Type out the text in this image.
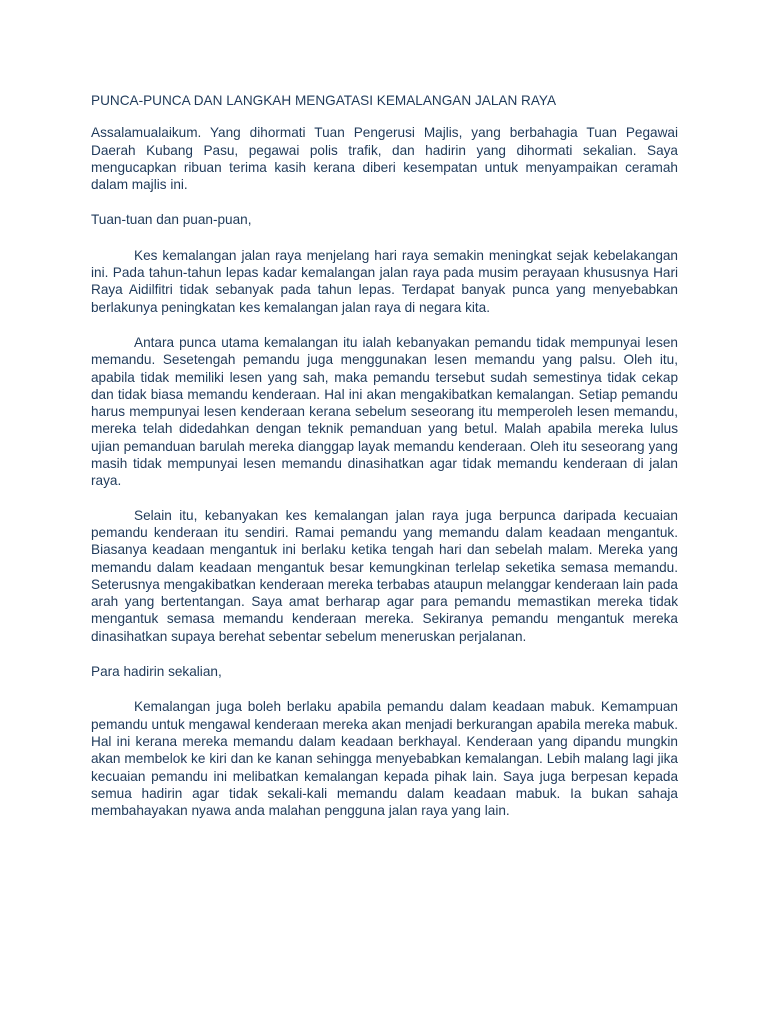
PUNCA-PUNCA DAN LANGKAH MENGATASI KEMALANGAN JALAN RAYA

Assalamualaikum. Yang dihormati Tuan Pengerusi Majlis, yang berbahagia Tuan Pegawai Daerah Kubang Pasu, pegawai polis trafik, dan hadirin yang dihormati sekalian. Saya mengucapkan ribuan terima kasih kerana diberi kesempatan untuk menyampaikan ceramah dalam majlis ini.

Tuan-tuan dan puan-puan,

Kes kemalangan jalan raya menjelang hari raya semakin meningkat sejak kebelakangan ini. Pada tahun-tahun lepas kadar kemalangan jalan raya pada musim perayaan khususnya Hari Raya Aidilfitri tidak sebanyak pada tahun lepas. Terdapat banyak punca yang menyebabkan berlakunya peningkatan kes kemalangan jalan raya di negara kita.

Antara punca utama kemalangan itu ialah kebanyakan pemandu tidak mempunyai lesen memandu. Sesetengah pemandu juga menggunakan lesen memandu yang palsu. Oleh itu, apabila tidak memiliki lesen yang sah, maka pemandu tersebut sudah semestinya tidak cekap dan tidak biasa memandu kenderaan. Hal ini akan mengakibatkan kemalangan. Setiap pemandu harus mempunyai lesen kenderaan kerana sebelum seseorang itu memperoleh lesen memandu, mereka telah didedahkan dengan teknik pemanduan yang betul. Malah apabila mereka lulus ujian pemanduan barulah mereka dianggap layak memandu kenderaan. Oleh itu seseorang yang masih tidak mempunyai lesen memandu dinasihatkan agar tidak memandu kenderaan di jalan raya.

Selain itu, kebanyakan kes kemalangan jalan raya juga berpunca daripada kecuaian pemandu kenderaan itu sendiri. Ramai pemandu yang memandu dalam keadaan mengantuk. Biasanya keadaan mengantuk ini berlaku ketika tengah hari dan sebelah malam. Mereka yang memandu dalam keadaan mengantuk besar kemungkinan terlelap seketika semasa memandu. Seterusnya mengakibatkan kenderaan mereka terbabas ataupun melanggar kenderaan lain pada arah yang bertentangan. Saya amat berharap agar para pemandu memastikan mereka tidak mengantuk semasa memandu kenderaan mereka. Sekiranya pemandu mengantuk mereka dinasihatkan supaya berehat sebentar sebelum meneruskan perjalanan.

Para hadirin sekalian,

Kemalangan juga boleh berlaku apabila pemandu dalam keadaan mabuk. Kemampuan pemandu untuk mengawal kenderaan mereka akan menjadi berkurangan apabila mereka mabuk. Hal ini kerana mereka memandu dalam keadaan berkhayal. Kenderaan yang dipandu mungkin akan membelok ke kiri dan ke kanan sehingga menyebabkan kemalangan. Lebih malang lagi jika kecuaian pemandu ini melibatkan kemalangan kepada pihak lain. Saya juga berpesan kepada semua hadirin agar tidak sekali-kali memandu dalam keadaan mabuk. Ia bukan sahaja membahayakan nyawa anda malahan pengguna jalan raya yang lain.
